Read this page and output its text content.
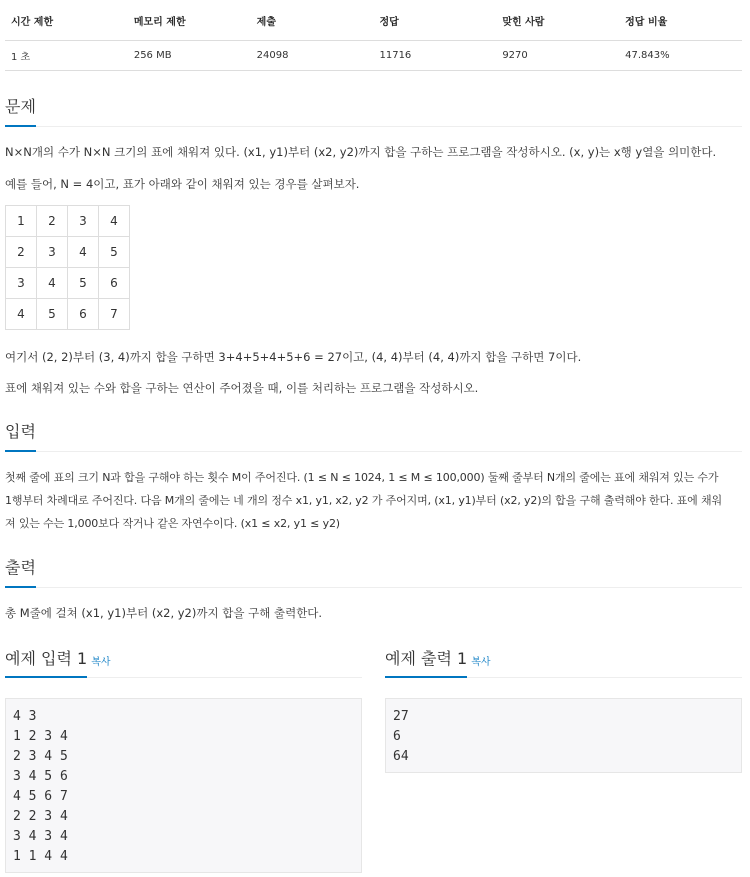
시간 제한	메모리 제한	제출	정답	맞힌 사람	정답 비율
1 초	256 MB	24098	11716	9270	47.843%
문제

N×N개의 수가 N×N 크기의 표에 채워져 있다. (x1, y1)부터 (x2, y2)까지 합을 구하는 프로그램을 작성하시오. (x, y)는 x행 y열을 의미한다.

예를 들어, N = 4이고, 표가 아래와 같이 채워져 있는 경우를 살펴보자.

1	2	3	4
2	3	4	5
3	4	5	6
4	5	6	7

여기서 (2, 2)부터 (3, 4)까지 합을 구하면 3+4+5+4+5+6 = 27이고, (4, 4)부터 (4, 4)까지 합을 구하면 7이다.

표에 채워져 있는 수와 합을 구하는 연산이 주어졌을 때, 이를 처리하는 프로그램을 작성하시오.

입력

첫째 줄에 표의 크기 N과 합을 구해야 하는 횟수 M이 주어진다. (1 ≤ N ≤ 1024, 1 ≤ M ≤ 100,000) 둘째 줄부터 N개의 줄에는 표에 채워져 있는 수가

1행부터 차례대로 주어진다. 다음 M개의 줄에는 네 개의 정수 x1, y1, x2, y2 가 주어지며, (x1, y1)부터 (x2, y2)의 합을 구해 출력해야 한다. 표에 채워

져 있는 수는 1,000보다 작거나 같은 자연수이다. (x1 ≤ x2, y1 ≤ y2)

출력

총 M줄에 걸쳐 (x1, y1)부터 (x2, y2)까지 합을 구해 출력한다.

예제 입력 1 복사
4 3
1 2 3 4
2 3 4 5
3 4 5 6
4 5 6 7
2 2 3 4
3 4 3 4
1 1 4 4
예제 출력 1 복사
27
6
64
